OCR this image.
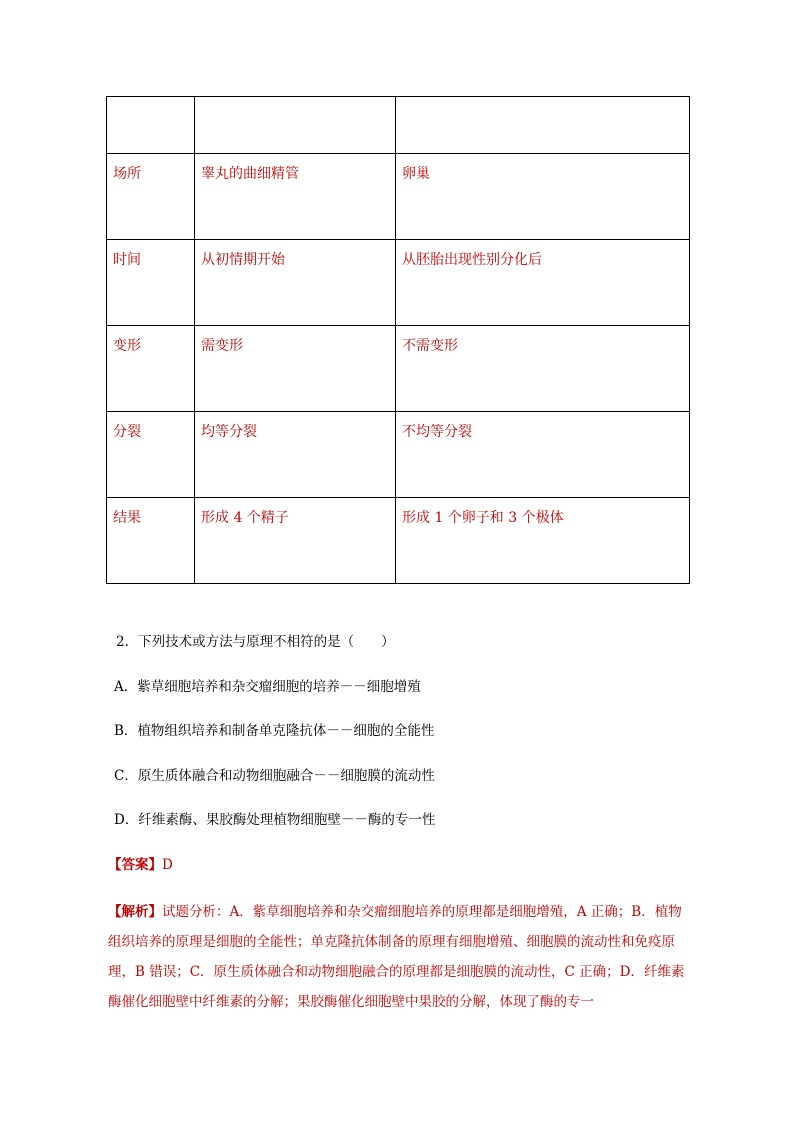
场所	睾丸的曲细精管	卵巢
时间	从初情期开始	从胚胎出现性别分化后
变形	需变形	不需变形
分裂	均等分裂	不均等分裂
结果	形成 4 个精子	形成 1 个卵子和 3 个极体
2．下列技术或方法与原理不相符的是（　　）
A．紫草细胞培养和杂交瘤细胞的培养－－细胞增殖
B．植物组织培养和制备单克隆抗体－－细胞的全能性
C．原生质体融合和动物细胞融合－－细胞膜的流动性
D．纤维素酶、果胶酶处理植物细胞壁－－酶的专一性
【答案】D
【解析】试题分析：A．紫草细胞培养和杂交瘤细胞培养的原理都是细胞增殖，A 正确；B．植物组织培养的原理是细胞的全能性；单克隆抗体制备的原理有细胞增殖、细胞膜的流动性和免疫原理，B 错误；C．原生质体融合和动物细胞融合的原理都是细胞膜的流动性，C 正确；D．纤维素酶催化细胞壁中纤维素的分解；果胶酶催化细胞壁中果胶的分解，体现了酶的专一
